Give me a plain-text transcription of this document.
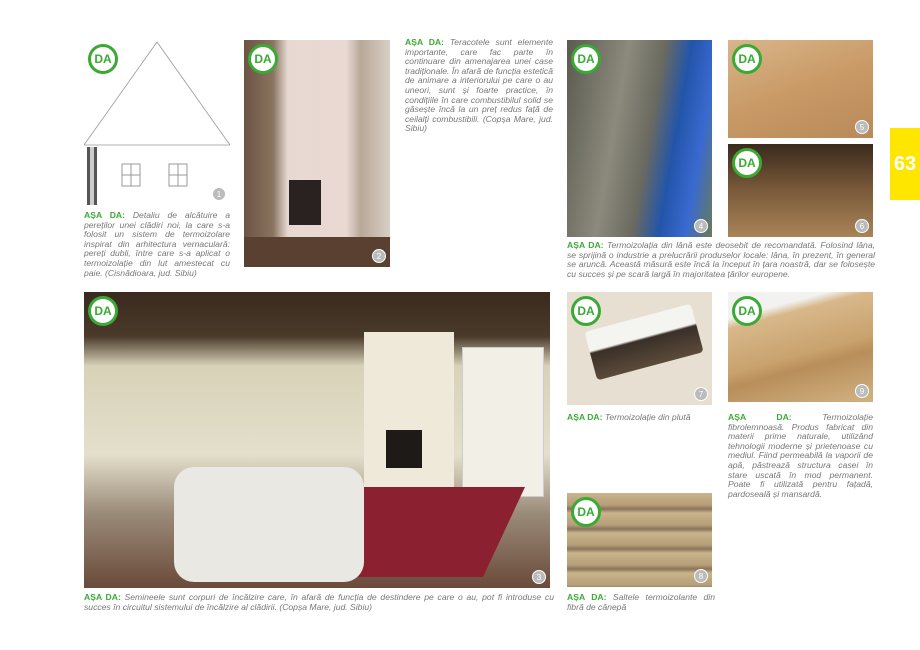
DA
1
AȘA DA: Detaliu de alcătuire a pereților unei clădiri noi, la care s-a folosit un sistem de termoizolare inspirat din arhitectura vernaculară: pereți dubli, între care s-a aplicat o termoizolație din lut amestecat cu paie. (Cisnădioara, jud. Sibiu)
DA
2
AȘA DA: Teracotele sunt elemente importante, care fac parte în continuare din amenajarea unei case tradiționale. În afară de funcția estetică de animare a interiorului pe care o au uneori, sunt și foarte practice, în condițiile în care combustibilul solid se găsește încă la un preț redus față de ceilalți combustibili. (Copșa Mare, jud. Sibiu)
DA
4
DA
5
DA
6
AȘA DA: Termoizolația din lână este deosebit de recomandată. Folosind lâna, se sprijină o industrie a prelucrării produselor locale: lâna, în prezent, în general se aruncă. Această măsură este încă la început în țara noastră, dar se folosește cu succes și pe scară largă în majoritatea țărilor europene.
DA
3
AȘA DA: Semineele sunt corpuri de încălzire care, în afară de funcția de destindere pe care o au, pot fi introduse cu succes în circuitul sistemului de încălzire al clădirii. (Copșa Mare, jud. Sibiu)
DA
7
AȘA DA: Termoizolație din plută
DA
9
AȘA DA:	Termoizolație fibrolemnoasă. Produs fabricat din materii prime naturale, utilizând tehnologii moderne și prietenoase cu mediul. Fiind permeabilă la vaporii de apă, păstrează structura casei în stare uscată în mod permanent. Poate fi utilizată pentru fațadă, pardoseală și mansardă.
DA
8
AȘA DA: Saltele termoizolante din fibră de cânepă
63
